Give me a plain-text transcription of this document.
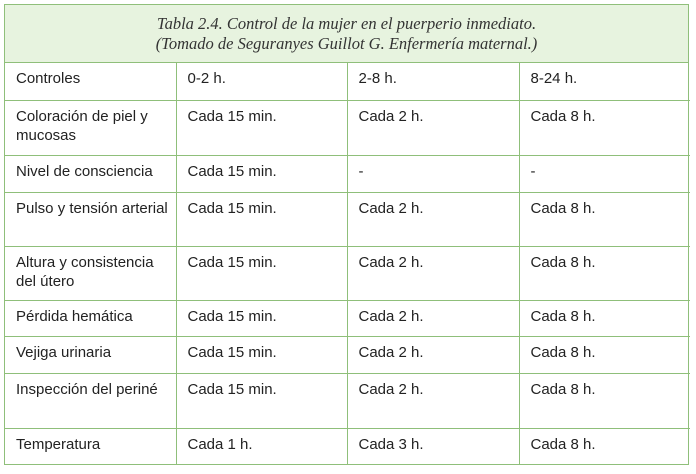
Tabla 2.4. Control de la mujer en el puerperio inmediato.
(Tomado de Seguranyes Guillot G. Enfermería maternal.)
Controles	0-2 h.	2-8 h.	8-24 h.
Coloración de piel y mucosas	Cada 15 min.	Cada 2 h.	Cada 8 h.
Nivel de consciencia	Cada 15 min.	-	-
Pulso y tensión arterial	Cada 15 min.	Cada 2 h.	Cada 8 h.
Altura y consistencia del útero	Cada 15 min.	Cada 2 h.	Cada 8 h.
Pérdida hemática	Cada 15 min.	Cada 2 h.	Cada 8 h.
Vejiga urinaria	Cada 15 min.	Cada 2 h.	Cada 8 h.
Inspección del periné	Cada 15 min.	Cada 2 h.	Cada 8 h.
Temperatura	Cada 1 h.	Cada 3 h.	Cada 8 h.
